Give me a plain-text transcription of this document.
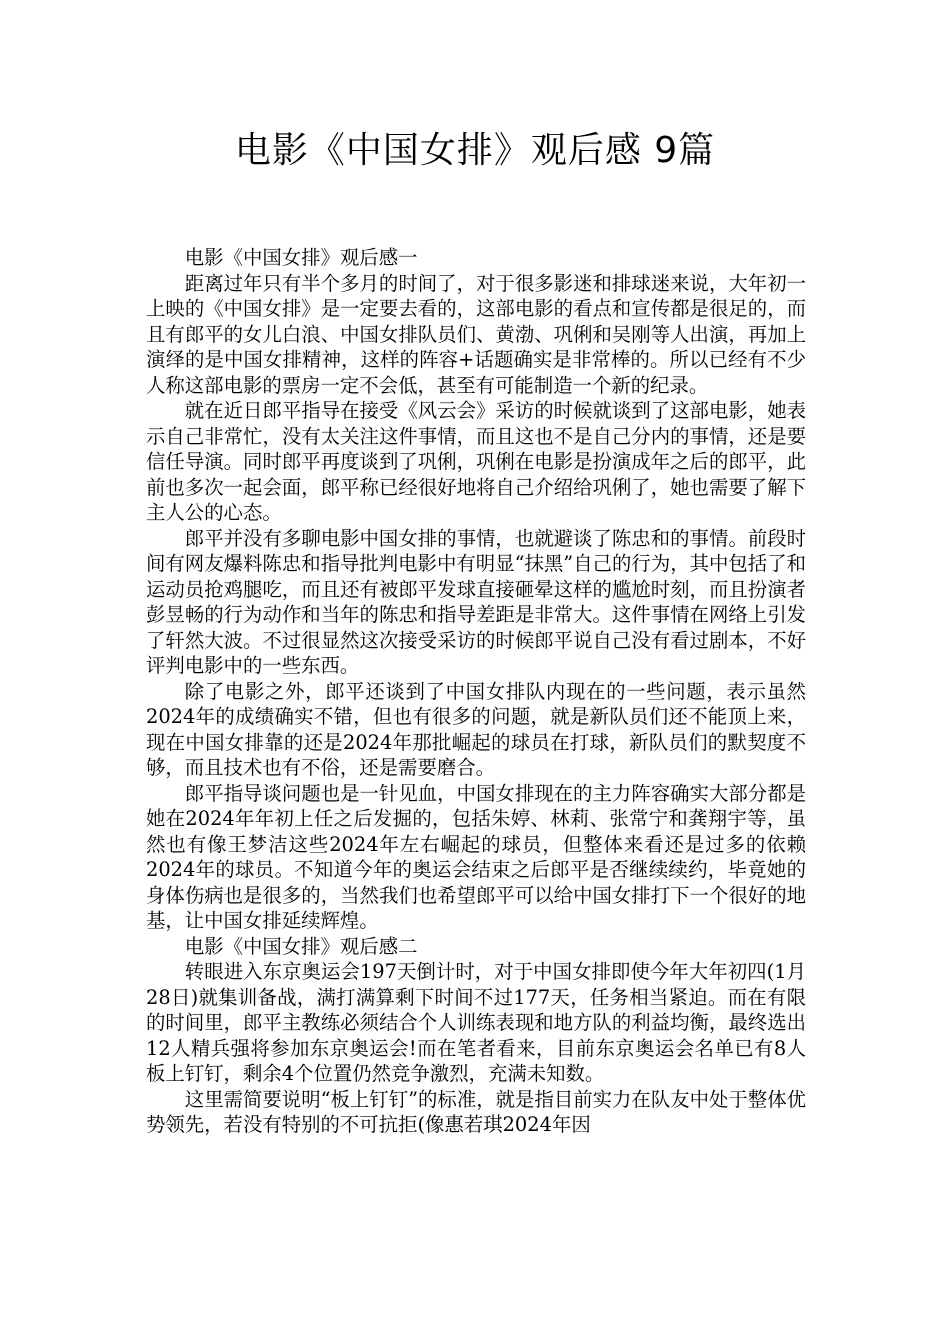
电影《中国女排》观后感 9篇

电影《中国女排》观后感一

距离过年只有半个多月的时间了，对于很多影迷和排球迷来说，大年初一上映的《中国女排》是一定要去看的，这部电影的看点和宣传都是很足的，而且有郎平的女儿白浪、中国女排队员们、黄渤、巩俐和吴刚等人出演，再加上演绎的是中国女排精神，这样的阵容+话题确实是非常棒的。所以已经有不少人称这部电影的票房一定不会低，甚至有可能制造一个新的纪录。

就在近日郎平指导在接受《风云会》采访的时候就谈到了这部电影，她表示自己非常忙，没有太关注这件事情，而且这也不是自己分内的事情，还是要信任导演。同时郎平再度谈到了巩俐，巩俐在电影是扮演成年之后的郎平，此前也多次一起会面，郎平称已经很好地将自己介绍给巩俐了，她也需要了解下主人公的心态。

郎平并没有多聊电影中国女排的事情，也就避谈了陈忠和的事情。前段时间有网友爆料陈忠和指导批判电影中有明显“抹黑”自己的行为，其中包括了和运动员抢鸡腿吃，而且还有被郎平发球直接砸晕这样的尴尬时刻，而且扮演者彭昱畅的行为动作和当年的陈忠和指导差距是非常大。这件事情在网络上引发了轩然大波。不过很显然这次接受采访的时候郎平说自己没有看过剧本，不好评判电影中的一些东西。

除了电影之外，郎平还谈到了中国女排队内现在的一些问题，表示虽然2024年的成绩确实不错，但也有很多的问题，就是新队员们还不能顶上来，现在中国女排靠的还是2024年那批崛起的球员在打球，新队员们的默契度不够，而且技术也有不俗，还是需要磨合。

郎平指导谈问题也是一针见血，中国女排现在的主力阵容确实大部分都是她在2024年年初上任之后发掘的，包括朱婷、林莉、张常宁和龚翔宇等，虽然也有像王梦洁这些2024年左右崛起的球员，但整体来看还是过多的依赖2024年的球员。不知道今年的奥运会结束之后郎平是否继续续约，毕竟她的身体伤病也是很多的，当然我们也希望郎平可以给中国女排打下一个很好的地基，让中国女排延续辉煌。

电影《中国女排》观后感二

转眼进入东京奥运会197天倒计时，对于中国女排即使今年大年初四(1月28日)就集训备战，满打满算剩下时间不过177天，任务相当紧迫。而在有限的时间里，郎平主教练必须结合个人训练表现和地方队的利益均衡，最终选出12人精兵强将参加东京奥运会!而在笔者看来，目前东京奥运会名单已有8人板上钉钉，剩余4个位置仍然竞争激烈，充满未知数。

这里需简要说明“板上钉钉”的标准，就是指目前实力在队友中处于整体优势领先，若没有特别的不可抗拒(像惠若琪2024年因
